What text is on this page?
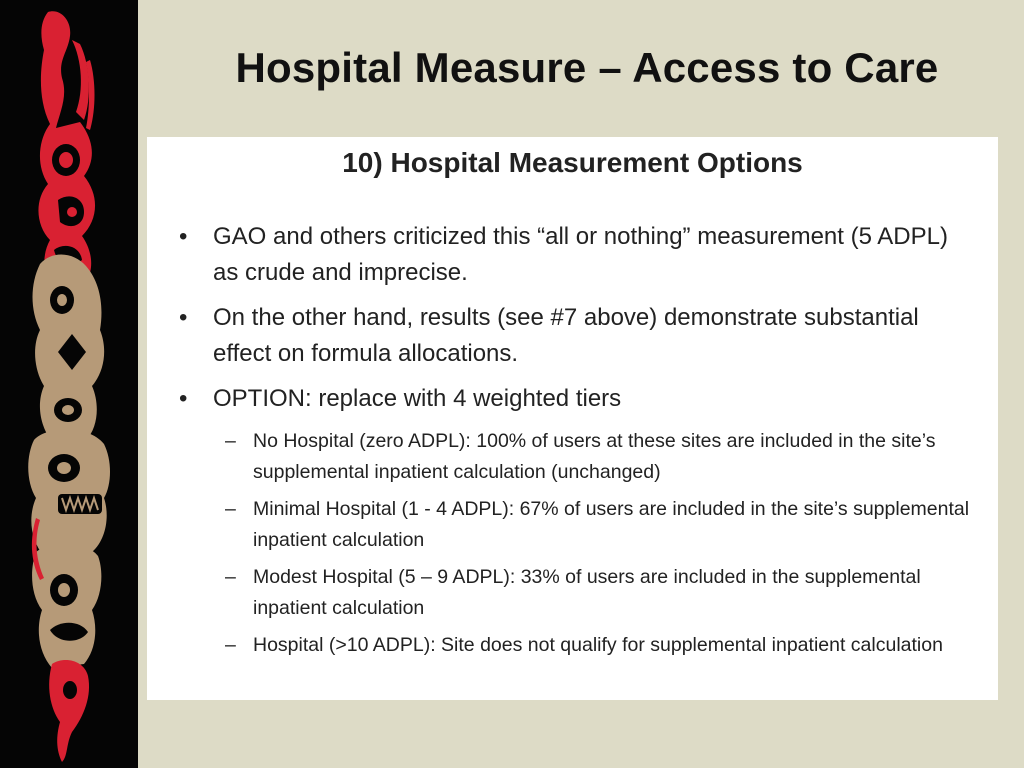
Hospital Measure – Access to Care
10) Hospital Measurement Options
• GAO and others criticized this “all or nothing” measurement (5 ADPL) as crude and imprecise.
• On the other hand, results (see #7 above) demonstrate substantial effect on formula allocations.
• OPTION: replace with 4 weighted tiers
– No Hospital (zero ADPL): 100% of users at these sites are included in the site’s supplemental inpatient calculation (unchanged)
– Minimal Hospital (1 - 4 ADPL): 67% of users are included in the site’s supplemental inpatient calculation
– Modest Hospital (5 – 9 ADPL): 33% of users are included in the supplemental inpatient calculation
– Hospital (>10 ADPL): Site does not qualify for supplemental inpatient calculation
